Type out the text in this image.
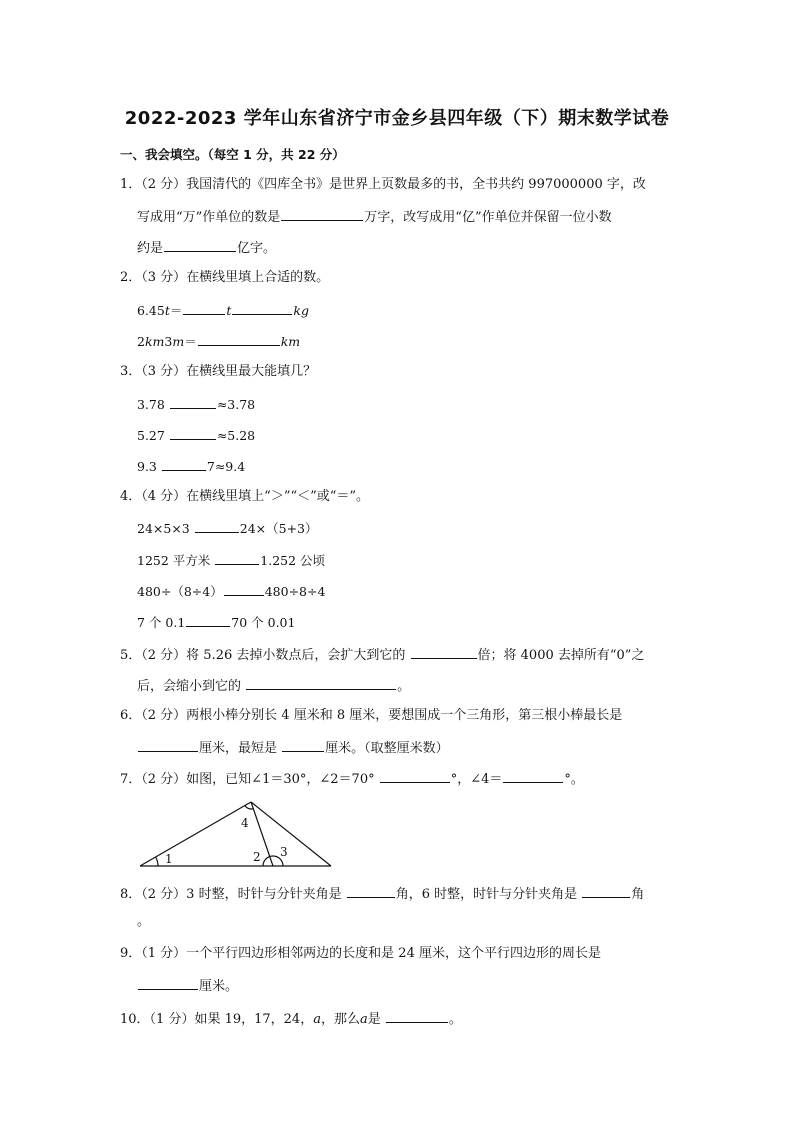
2022-2023 学年山东省济宁市金乡县四年级（下）期末数学试卷
一、我会填空。（每空 1 分，共 22 分）
1．（2 分）我国清代的《四库全书》是世界上页数最多的书，全书共约 997000000 字，改
写成用“万”作单位的数是	万字，改写成用“亿”作单位并保留一位小数
约是	亿字。
2．（3 分）在横线里填上合适的数。
6.45t＝	t	kg
2km3m＝	km
3．（3 分）在横线里最大能填几？
3.78	≈3.78
5.27	≈5.28
9.3	7≈9.4
4．（4 分）在横线里填上“＞”“＜”或“＝”。
24×5×3	24×（5+3）
1252 平方米	1.252 公顷
480÷（8÷4）	480÷8÷4
7 个 0.1	70 个 0.01
5．（2 分）将 5.26 去掉小数点后，会扩大到它的	倍；将 4000 去掉所有“0”之
后，会缩小到它的	。
6．（2 分）两根小棒分别长 4 厘米和 8 厘米，要想围成一个三角形，第三根小棒最长是
厘米，最短是	厘米。（取整厘米数）
7．（2 分）如图，已知∠1＝30°，∠2＝70°	°，∠4＝	°。
1	2 3
4
8．（2 分）3 时整，时针与分针夹角是	角，6 时整，时针与分针夹角是	角
。
9．（1 分）一个平行四边形相邻两边的长度和是 24 厘米，这个平行四边形的周长是
厘米。
10．（1 分）如果 19，17，24，a，那么a是	。
